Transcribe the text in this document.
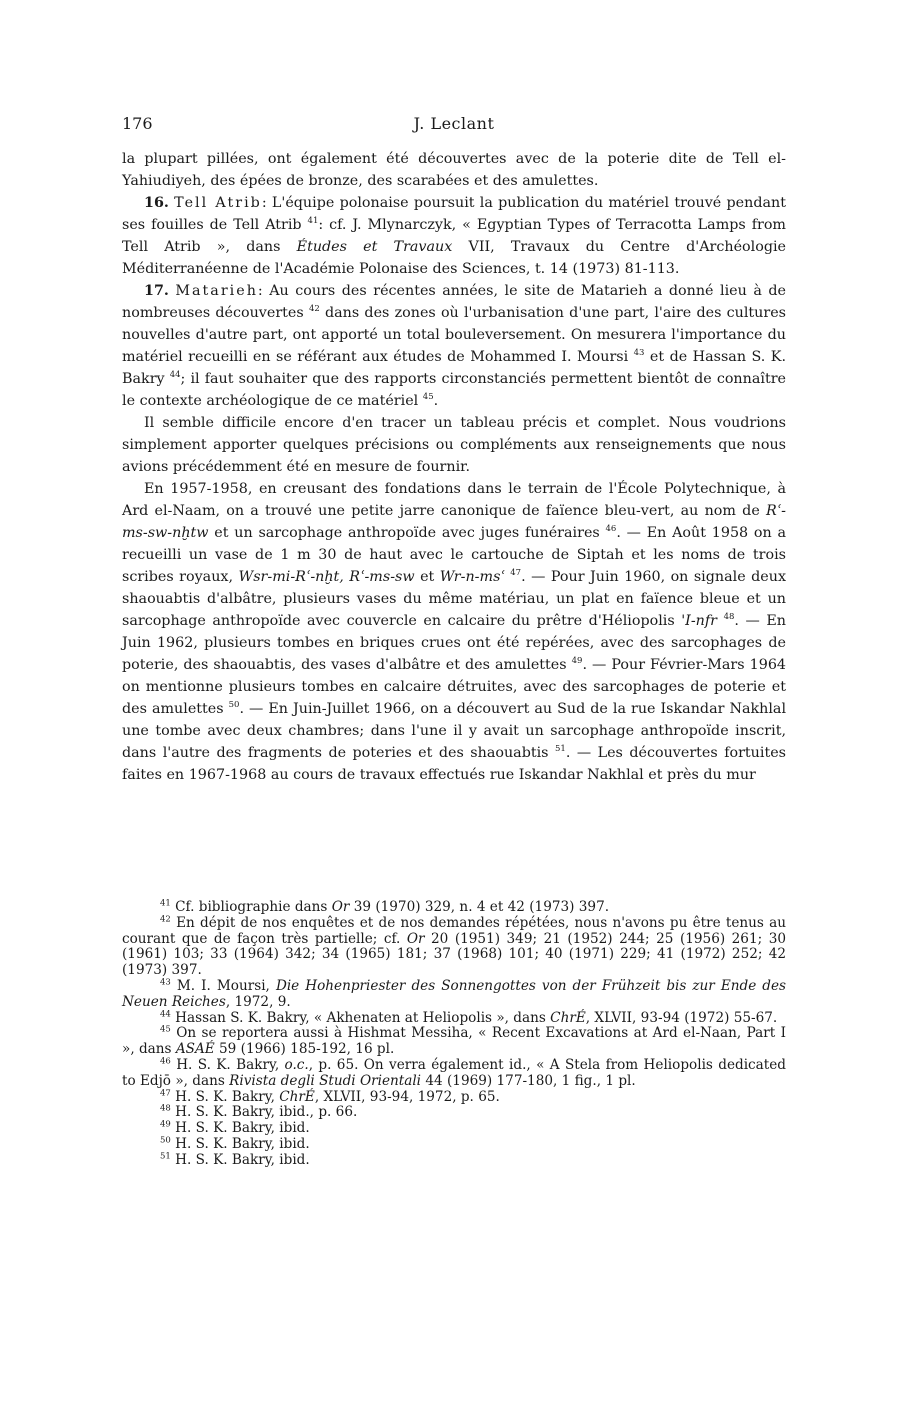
176	J. Leclant

la plupart pillées, ont également été découvertes avec de la poterie dite de Tell el-Yahiudiyeh, des épées de bronze, des scarabées et des amulettes.

16. Tell Atrib: L'équipe polonaise poursuit la publication du matériel trouvé pendant ses fouilles de Tell Atrib $^{41}$: cf. J. Mlynarczyk, « Egyptian Types of Terracotta Lamps from Tell Atrib », dans Études et Travaux VII, Travaux du Centre d'Archéologie Méditerranéenne de l'Académie Polonaise des Sciences, t. 14 (1973) 81-113.

17. Matarieh: Au cours des récentes années, le site de Matarieh a donné lieu à de nombreuses découvertes $^{42}$ dans des zones où l'urbanisation d'une part, l'aire des cultures nouvelles d'autre part, ont apporté un total bouleversement. On mesurera l'importance du matériel recueilli en se référant aux études de Mohammed I. Moursi $^{43}$ et de Hassan S. K. Bakry $^{44}$; il faut souhaiter que des rapports circonstanciés permettent bientôt de connaître le contexte archéologique de ce matériel $^{45}$.

Il semble difficile encore d'en tracer un tableau précis et complet. Nous voudrions simplement apporter quelques précisions ou compléments aux renseignements que nous avions précédemment été en mesure de fournir.

En 1957-1958, en creusant des fondations dans le terrain de l'École Polytechnique, à Ard el-Naam, on a trouvé une petite jarre canonique de faïence bleu-vert, au nom de Rʿ-ms-sw-nḫtw et un sarcophage anthropoïde avec juges funéraires $^{46}$. — En Août 1958 on a recueilli un vase de 1 m 30 de haut avec le cartouche de Siptah et les noms de trois scribes royaux, Wsr-mi-Rʿ-nḫt, Rʿ-ms-sw et Wr-n-msʿ $^{47}$. — Pour Juin 1960, on signale deux shaouabtis d'albâtre, plusieurs vases du même matériau, un plat en faïence bleue et un sarcophage anthropoïde avec couvercle en calcaire du prêtre d'Héliopolis 'I-nfr $^{48}$. — En Juin 1962, plusieurs tombes en briques crues ont été repérées, avec des sarcophages de poterie, des shaouabtis, des vases d'albâtre et des amulettes $^{49}$. — Pour Février-Mars 1964 on mentionne plusieurs tombes en calcaire détruites, avec des sarcophages de poterie et des amulettes $^{50}$. — En Juin-Juillet 1966, on a découvert au Sud de la rue Iskandar Nakhlal une tombe avec deux chambres; dans l'une il y avait un sarcophage anthropoïde inscrit, dans l'autre des fragments de poteries et des shaouabtis $^{51}$. — Les découvertes fortuites faites en 1967-1968 au cours de travaux effectués rue Iskandar Nakhlal et près du mur

$^{41}$ Cf. bibliographie dans Or 39 (1970) 329, n. 4 et 42 (1973) 397.

$^{42}$ En dépit de nos enquêtes et de nos demandes répétées, nous n'avons pu être tenus au courant que de façon très partielle; cf. Or 20 (1951) 349; 21 (1952) 244; 25 (1956) 261; 30 (1961) 103; 33 (1964) 342; 34 (1965) 181; 37 (1968) 101; 40 (1971) 229; 41 (1972) 252; 42 (1973) 397.

$^{43}$ M. I. Moursi, Die Hohenpriester des Sonnengottes von der Frühzeit bis zur Ende des Neuen Reiches, 1972, 9.

$^{44}$ Hassan S. K. Bakry, « Akhenaten at Heliopolis », dans ChrÉ, XLVII, 93-94 (1972) 55-67.

$^{45}$ On se reportera aussi à Hishmat Messiha, « Recent Excavations at Ard el-Naan, Part I », dans ASAÉ 59 (1966) 185-192, 16 pl.

$^{46}$ H. S. K. Bakry, o.c., p. 65. On verra également id., « A Stela from Heliopolis dedicated to Edjō », dans Rivista degli Studi Orientali 44 (1969) 177-180, 1 fig., 1 pl.

$^{47}$ H. S. K. Bakry, ChrÉ, XLVII, 93-94, 1972, p. 65.

$^{48}$ H. S. K. Bakry, ibid., p. 66.

$^{49}$ H. S. K. Bakry, ibid.

$^{50}$ H. S. K. Bakry, ibid.

$^{51}$ H. S. K. Bakry, ibid.
